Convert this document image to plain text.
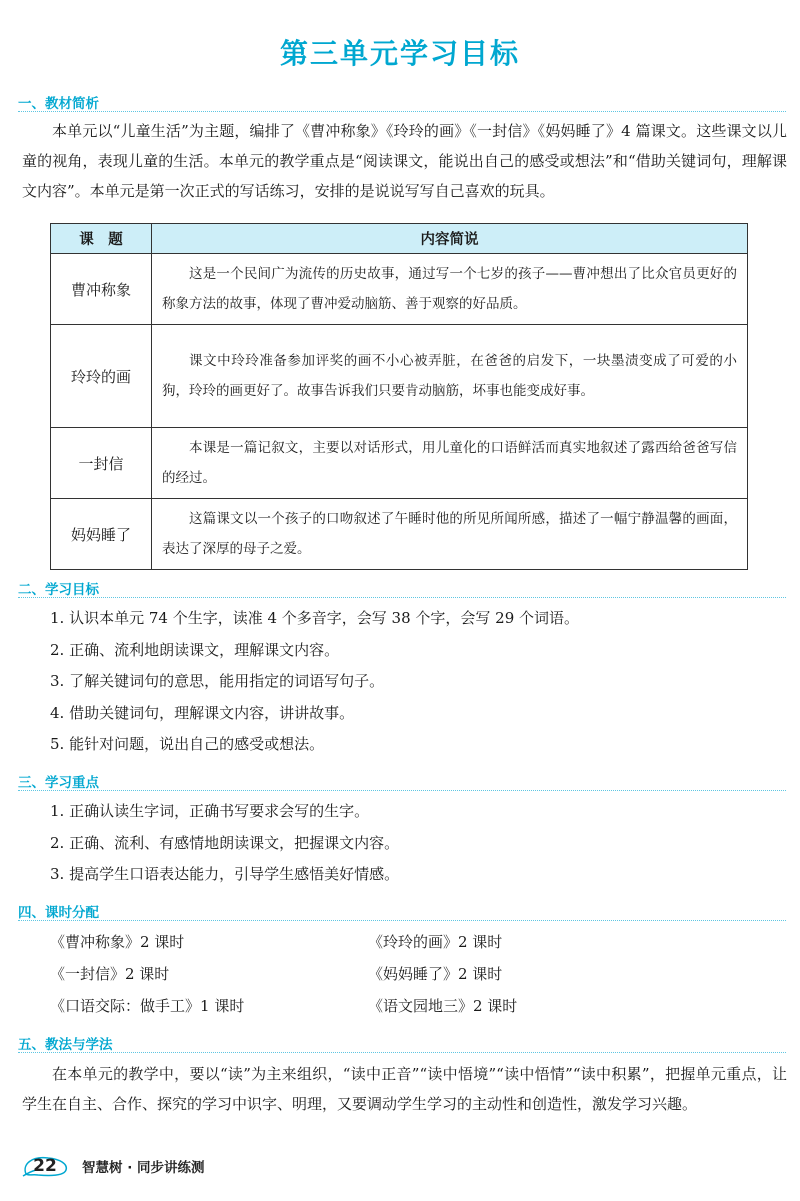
第三单元学习目标
一、教材简析

本单元以“儿童生活”为主题，编排了《曹冲称象》《玲玲的画》《一封信》《妈妈睡了》4 篇课文。这些课文以儿童的视角，表现儿童的生活。本单元的教学重点是“阅读课文，能说出自己的感受或想法”和“借助关键词句，理解课文内容”。本单元是第一次正式的写话练习，安排的是说说写写自己喜欢的玩具。

课　题	内容简说
曹冲称象	这是一个民间广为流传的历史故事，通过写一个七岁的孩子——曹冲想出了比众官员更好的称象方法的故事，体现了曹冲爱动脑筋、善于观察的好品质。
玲玲的画	课文中玲玲准备参加评奖的画不小心被弄脏，在爸爸的启发下，一块墨渍变成了可爱的小狗，玲玲的画更好了。故事告诉我们只要肯动脑筋，坏事也能变成好事。
一封信	本课是一篇记叙文，主要以对话形式，用儿童化的口语鲜活而真实地叙述了露西给爸爸写信的经过。
妈妈睡了	这篇课文以一个孩子的口吻叙述了午睡时他的所见所闻所感，描述了一幅宁静温馨的画面，表达了深厚的母子之爱。
二、学习目标
1. 认识本单元 74 个生字，读准 4 个多音字，会写 38 个字，会写 29 个词语。
2. 正确、流利地朗读课文，理解课文内容。
3. 了解关键词句的意思，能用指定的词语写句子。
4. 借助关键词句，理解课文内容，讲讲故事。
5. 能针对问题，说出自己的感受或想法。
三、学习重点
1. 正确认读生字词，正确书写要求会写的生字。
2. 正确、流利、有感情地朗读课文，把握课文内容。
3. 提高学生口语表达能力，引导学生感悟美好情感。
四、课时分配
《曹冲称象》2 课时	《玲玲的画》2 课时
《一封信》2 课时	《妈妈睡了》2 课时
《口语交际：做手工》1 课时	《语文园地三》2 课时
五、教法与学法

在本单元的教学中，要以“读”为主来组织，“读中正音”“读中悟境”“读中悟情”“读中积累”，把握单元重点，让学生在自主、合作、探究的学习中识字、明理，又要调动学生学习的主动性和创造性，激发学习兴趣。

22	智慧树 · 同步讲练测
